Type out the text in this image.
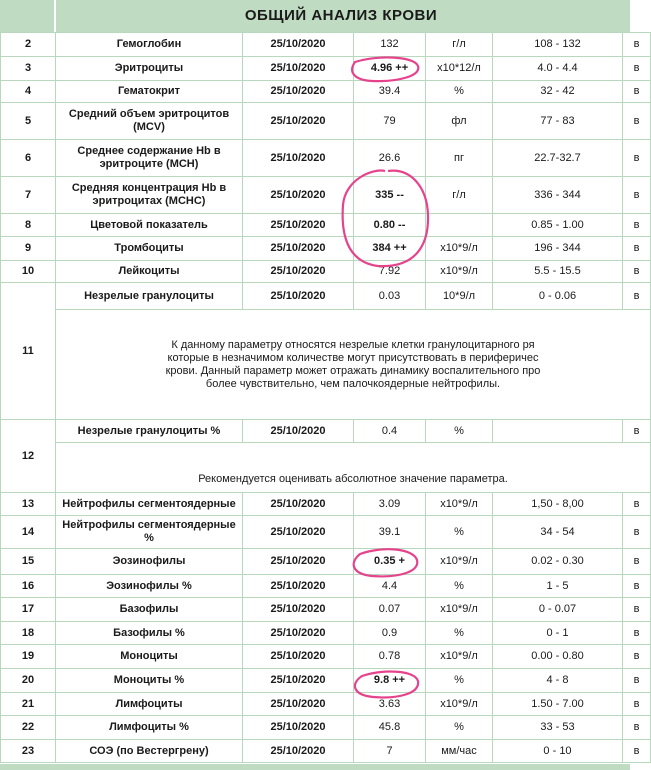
ОБЩИЙ АНАЛИЗ КРОВИ
2	Гемоглобин	25/10/2020	132	г/л	108 - 132	в
3	Эритроциты	25/10/2020	4.96 ++	x10*12/л	4.0 - 4.4	в
4	Гематокрит	25/10/2020	39.4	%	32 - 42	в
5	Средний объем эритроцитов (MCV)	25/10/2020	79	фл	77 - 83	в
6	Среднее содержание Hb в эритроците (MCH)	25/10/2020	26.6	пг	22.7-32.7	в
7	Средняя концентрация Hb в эритроцитах (MCHC)	25/10/2020	335 --	г/л	336 - 344	в
8	Цветовой показатель	25/10/2020	0.80 --		0.85 - 1.00	в
9	Тромбоциты	25/10/2020	384 ++	x10*9/л	196 - 344	в
10	Лейкоциты	25/10/2020	7.92	x10*9/л	5.5 - 15.5	в
11	Незрелые гранулоциты	25/10/2020	0.03	10*9/л	0 - 0.06	в

	К данному параметру относятся незрелые клетки гранулоцитарного ря

которые в незначимом количестве могут присутствовать в периферичес

крови. Данный параметр может отражать динамику воспалительного про

более чувствительно, чем палочкоядерные нейтрофилы.					

12	Незрелые гранулоциты %	25/10/2020	0.4	%		в
	Рекомендуется оценивать абсолютное значение параметра.					
13	Нейтрофилы сегментоядерные	25/10/2020	3.09	x10*9/л	1,50 - 8,00	в
14	Нейтрофилы сегментоядерные %	25/10/2020	39.1	%	34 - 54	в
15	Эозинофилы	25/10/2020	0.35 +	x10*9/л	0.02 - 0.30	в
16	Эозинофилы %	25/10/2020	4.4	%	1 - 5	в
17	Базофилы	25/10/2020	0.07	x10*9/л	0 - 0.07	в
18	Базофилы %	25/10/2020	0.9	%	0 - 1	в
19	Моноциты	25/10/2020	0.78	x10*9/л	0.00 - 0.80	в
20	Моноциты %	25/10/2020	9.8 ++	%	4 - 8	в
21	Лимфоциты	25/10/2020	3.63	x10*9/л	1.50 - 7.00	в
22	Лимфоциты %	25/10/2020	45.8	%	33 - 53	в
23	СОЭ (по Вестергрену)	25/10/2020	7	мм/час	0 - 10	в
